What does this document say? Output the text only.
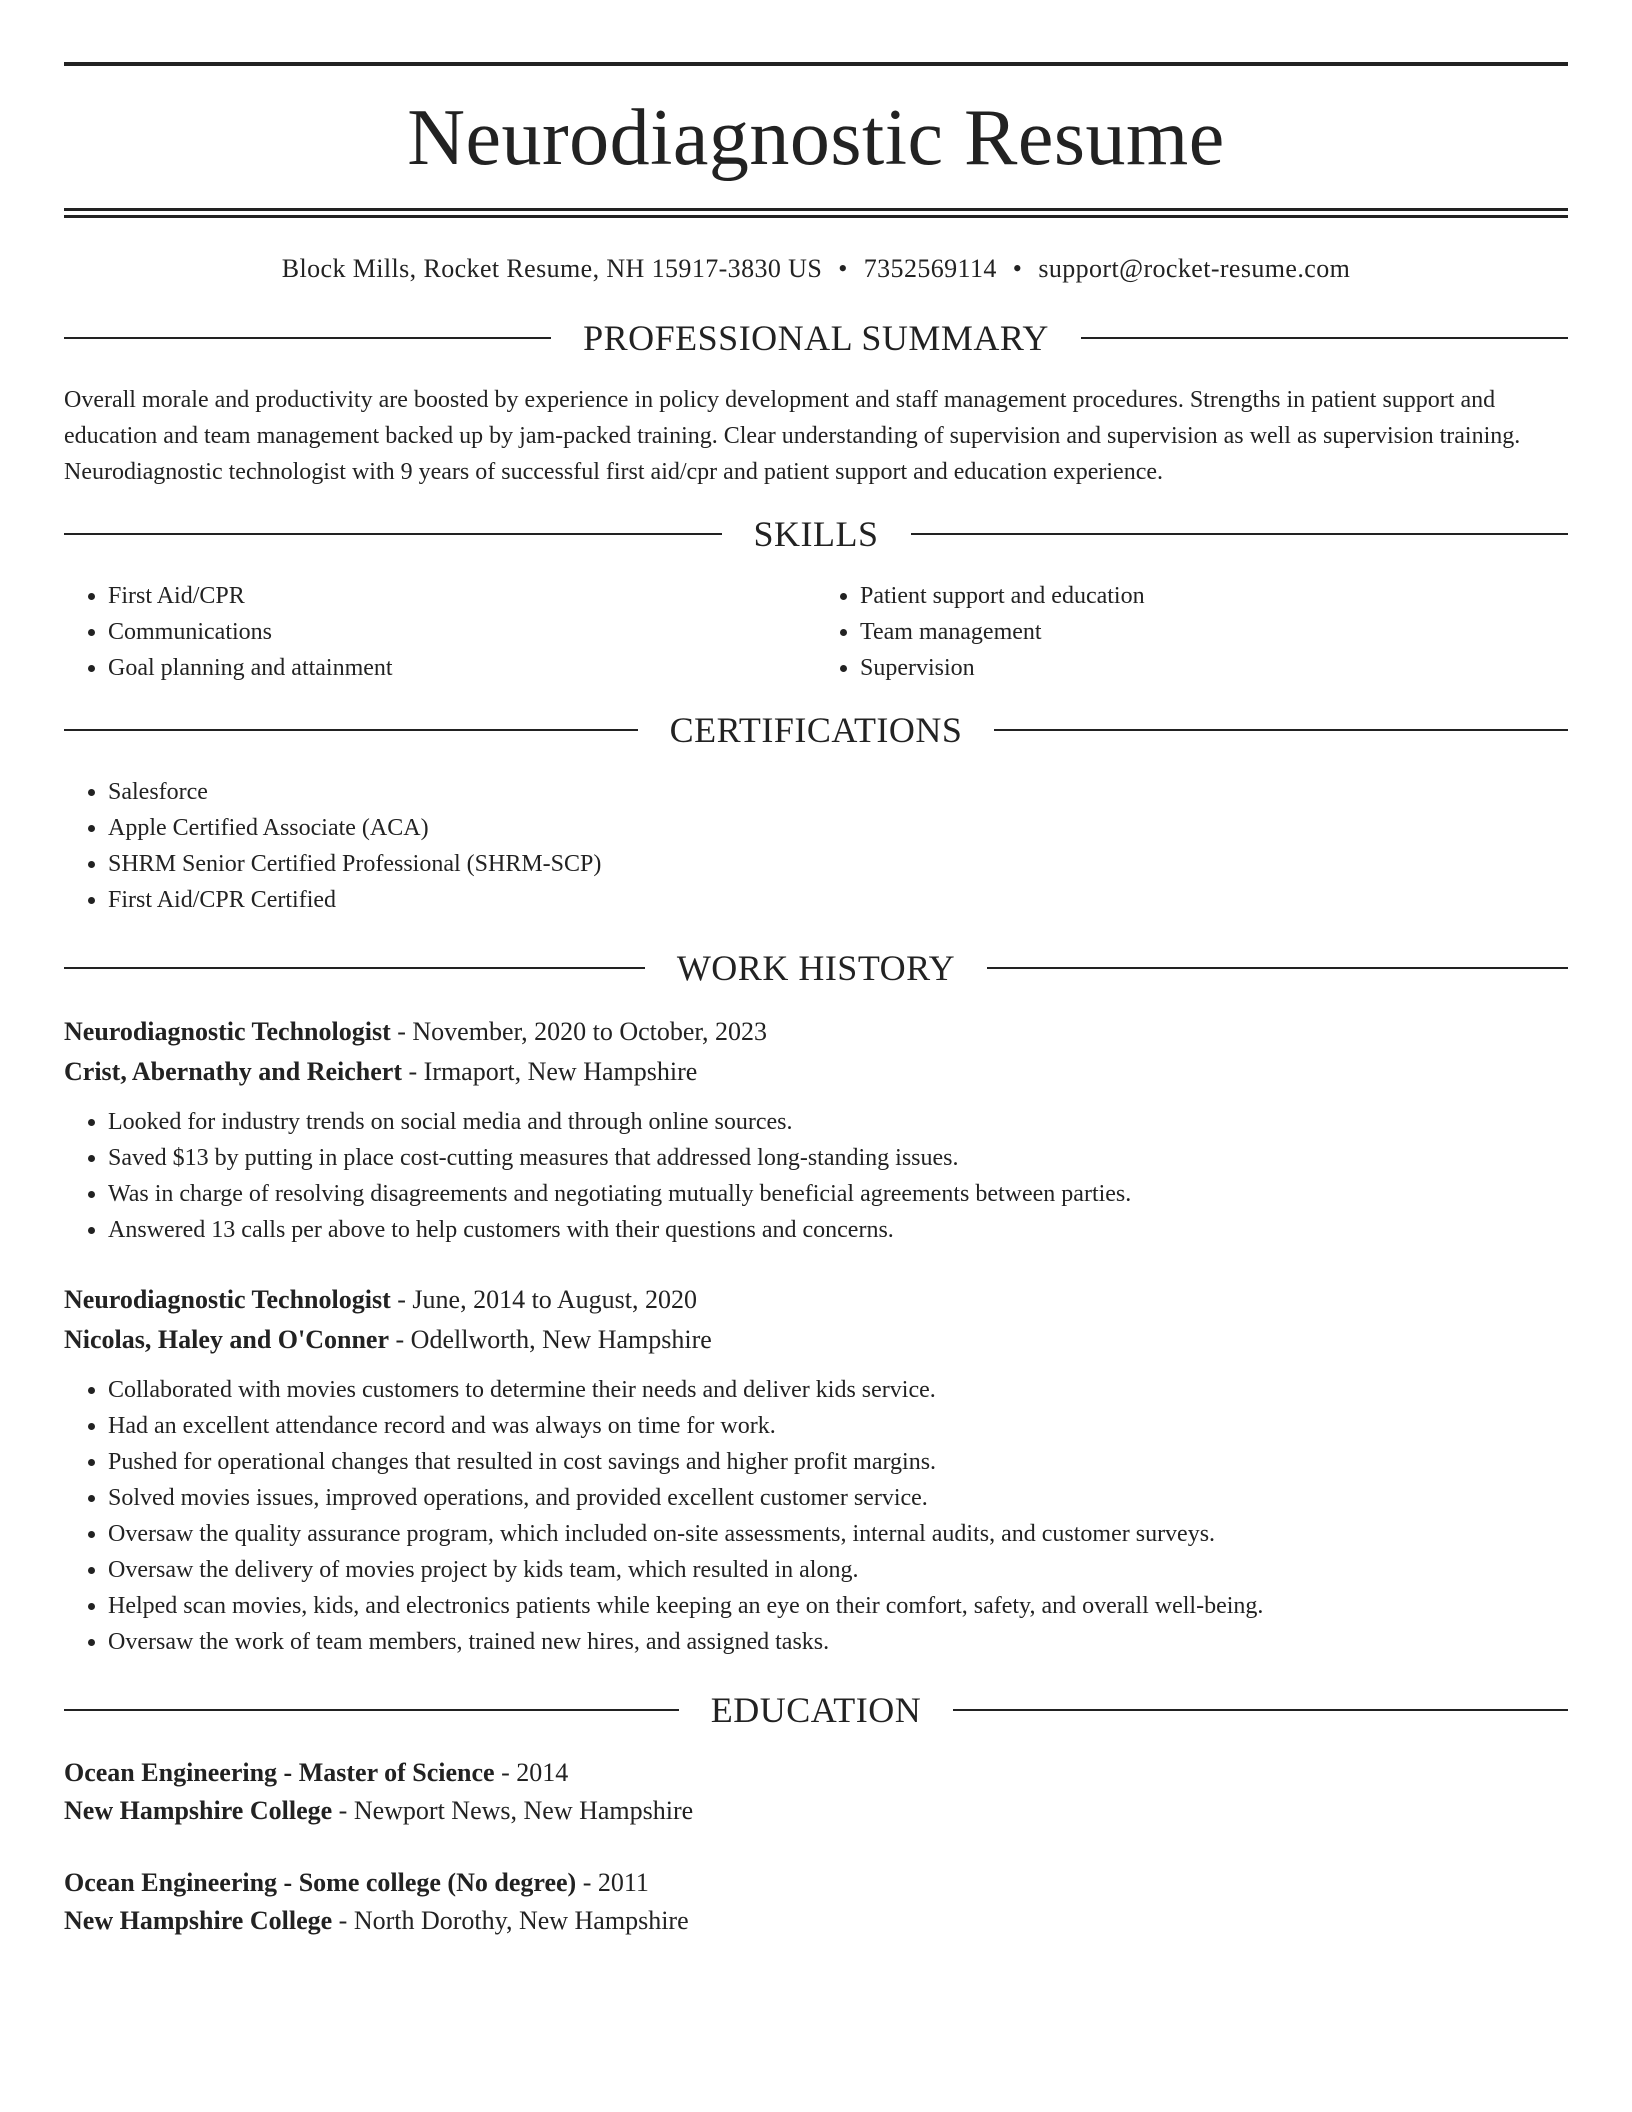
Neurodiagnostic Resume
Block Mills, Rocket Resume, NH 15917-3830 US • 7352569114 • support@rocket-resume.com
PROFESSIONAL SUMMARY

Overall morale and productivity are boosted by experience in policy development and staff management procedures. Strengths in patient support and education and team management backed up by jam-packed training. Clear understanding of supervision and supervision as well as supervision training. Neurodiagnostic technologist with 9 years of successful first aid/cpr and patient support and education experience.

SKILLS
• First Aid/CPR
• Communications
• Goal planning and attainment
• Patient support and education
• Team management
• Supervision
CERTIFICATIONS
• Salesforce
• Apple Certified Associate (ACA)
• SHRM Senior Certified Professional (SHRM-SCP)
• First Aid/CPR Certified
WORK HISTORY

Neurodiagnostic Technologist - November, 2020 to October, 2023

Crist, Abernathy and Reichert - Irmaport, New Hampshire

• Looked for industry trends on social media and through online sources.
• Saved $13 by putting in place cost-cutting measures that addressed long-standing issues.
• Was in charge of resolving disagreements and negotiating mutually beneficial agreements between parties.
• Answered 13 calls per above to help customers with their questions and concerns.

Neurodiagnostic Technologist - June, 2014 to August, 2020

Nicolas, Haley and O'Conner - Odellworth, New Hampshire

• Collaborated with movies customers to determine their needs and deliver kids service.
• Had an excellent attendance record and was always on time for work.
• Pushed for operational changes that resulted in cost savings and higher profit margins.
• Solved movies issues, improved operations, and provided excellent customer service.
• Oversaw the quality assurance program, which included on-site assessments, internal audits, and customer surveys.
• Oversaw the delivery of movies project by kids team, which resulted in along.
• Helped scan movies, kids, and electronics patients while keeping an eye on their comfort, safety, and overall well-being.
• Oversaw the work of team members, trained new hires, and assigned tasks.
EDUCATION

Ocean Engineering - Master of Science - 2014

New Hampshire College - Newport News, New Hampshire

Ocean Engineering - Some college (No degree) - 2011

New Hampshire College - North Dorothy, New Hampshire
